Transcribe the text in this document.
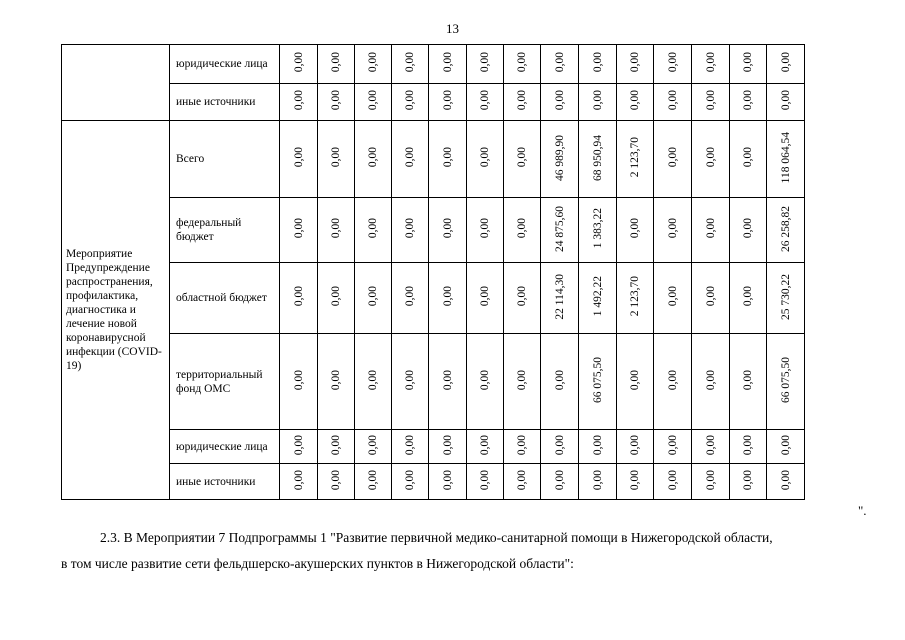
13
	юридические лица	0,00	0,00	0,00	0,00	0,00	0,00	0,00	0,00	0,00	0,00	0,00	0,00	0,00	0,00
	иные источники	0,00	0,00	0,00	0,00	0,00	0,00	0,00	0,00	0,00	0,00	0,00	0,00	0,00	0,00
Мероприятие Предупреждение распространения, профилактика, диагностика и лечение новой коронавирусной инфекции (COVID-19)	Всего	0,00	0,00	0,00	0,00	0,00	0,00	0,00	46 989,90	68 950,94	2 123,70	0,00	0,00	0,00	118 064,54
	федеральный бюджет	0,00	0,00	0,00	0,00	0,00	0,00	0,00	24 875,60	1 383,22	0,00	0,00	0,00	0,00	26 258,82
	областной бюджет	0,00	0,00	0,00	0,00	0,00	0,00	0,00	22 114,30	1 492,22	2 123,70	0,00	0,00	0,00	25 730,22
	территориальный фонд ОМС	0,00	0,00	0,00	0,00	0,00	0,00	0,00	0,00	66 075,50	0,00	0,00	0,00	0,00	66 075,50
	юридические лица	0,00	0,00	0,00	0,00	0,00	0,00	0,00	0,00	0,00	0,00	0,00	0,00	0,00	0,00
	иные источники	0,00	0,00	0,00	0,00	0,00	0,00	0,00	0,00	0,00	0,00	0,00	0,00	0,00	0,00
".
2.3. В Мероприятии 7 Подпрограммы 1 "Развитие первичной медико-санитарной помощи в Нижегородской области,
в том числе развитие сети фельдшерско-акушерских пунктов в Нижегородской области":
